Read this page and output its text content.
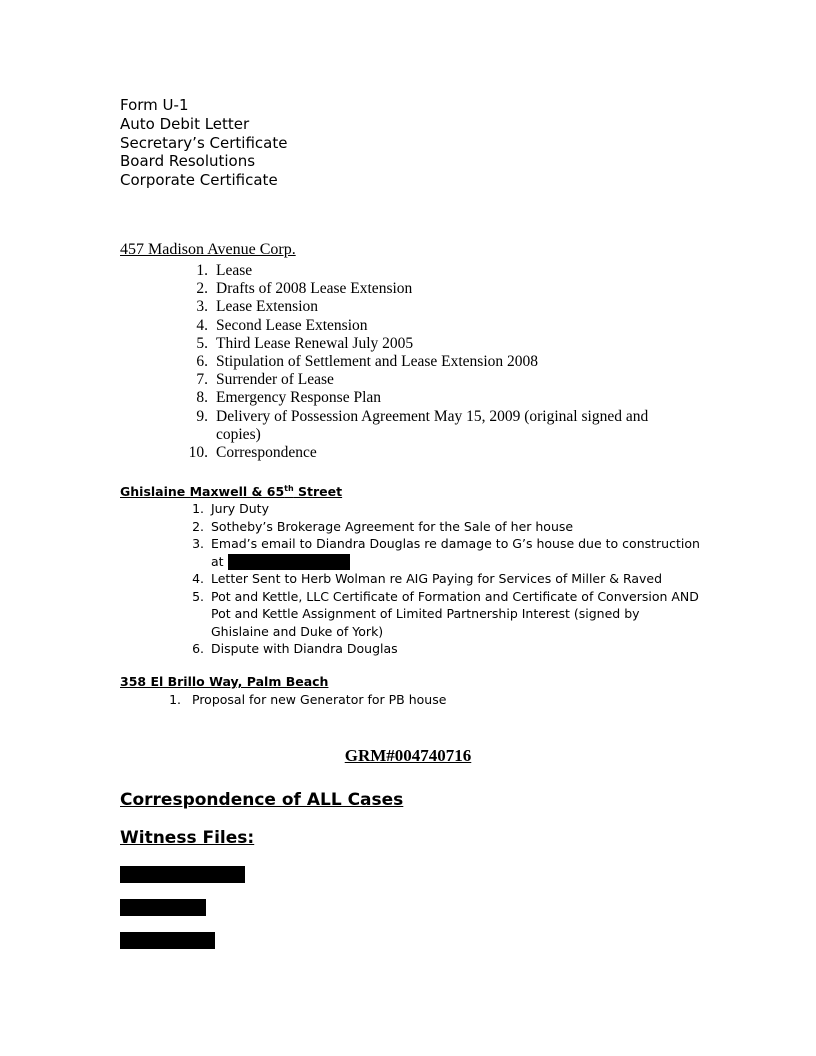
Form U-1
Auto Debit Letter
Secretary’s Certificate
Board Resolutions
Corporate Certificate
457 Madison Avenue Corp.
1. Lease
2. Drafts of 2008 Lease Extension
3. Lease Extension
4. Second Lease Extension
5. Third Lease Renewal July 2005
6. Stipulation of Settlement and Lease Extension 2008
7. Surrender of Lease
8. Emergency Response Plan
9. Delivery of Possession Agreement May 15, 2009 (original signed and copies)
10. Correspondence
Ghislaine Maxwell & 65th Street
1. Jury Duty
2. Sotheby’s Brokerage Agreement for the Sale of her house
3. Emad’s email to Diandra Douglas re damage to G’s house due to construction at
4. Letter Sent to Herb Wolman re AIG Paying for Services of Miller & Raved
5. Pot and Kettle, LLC Certificate of Formation and Certificate of Conversion AND Pot and Kettle Assignment of Limited Partnership Interest (signed by Ghislaine and Duke of York)
6. Dispute with Diandra Douglas
358 El Brillo Way, Palm Beach
1. Proposal for new Generator for PB house
GRM#004740716
Correspondence of ALL Cases
Witness Files:
